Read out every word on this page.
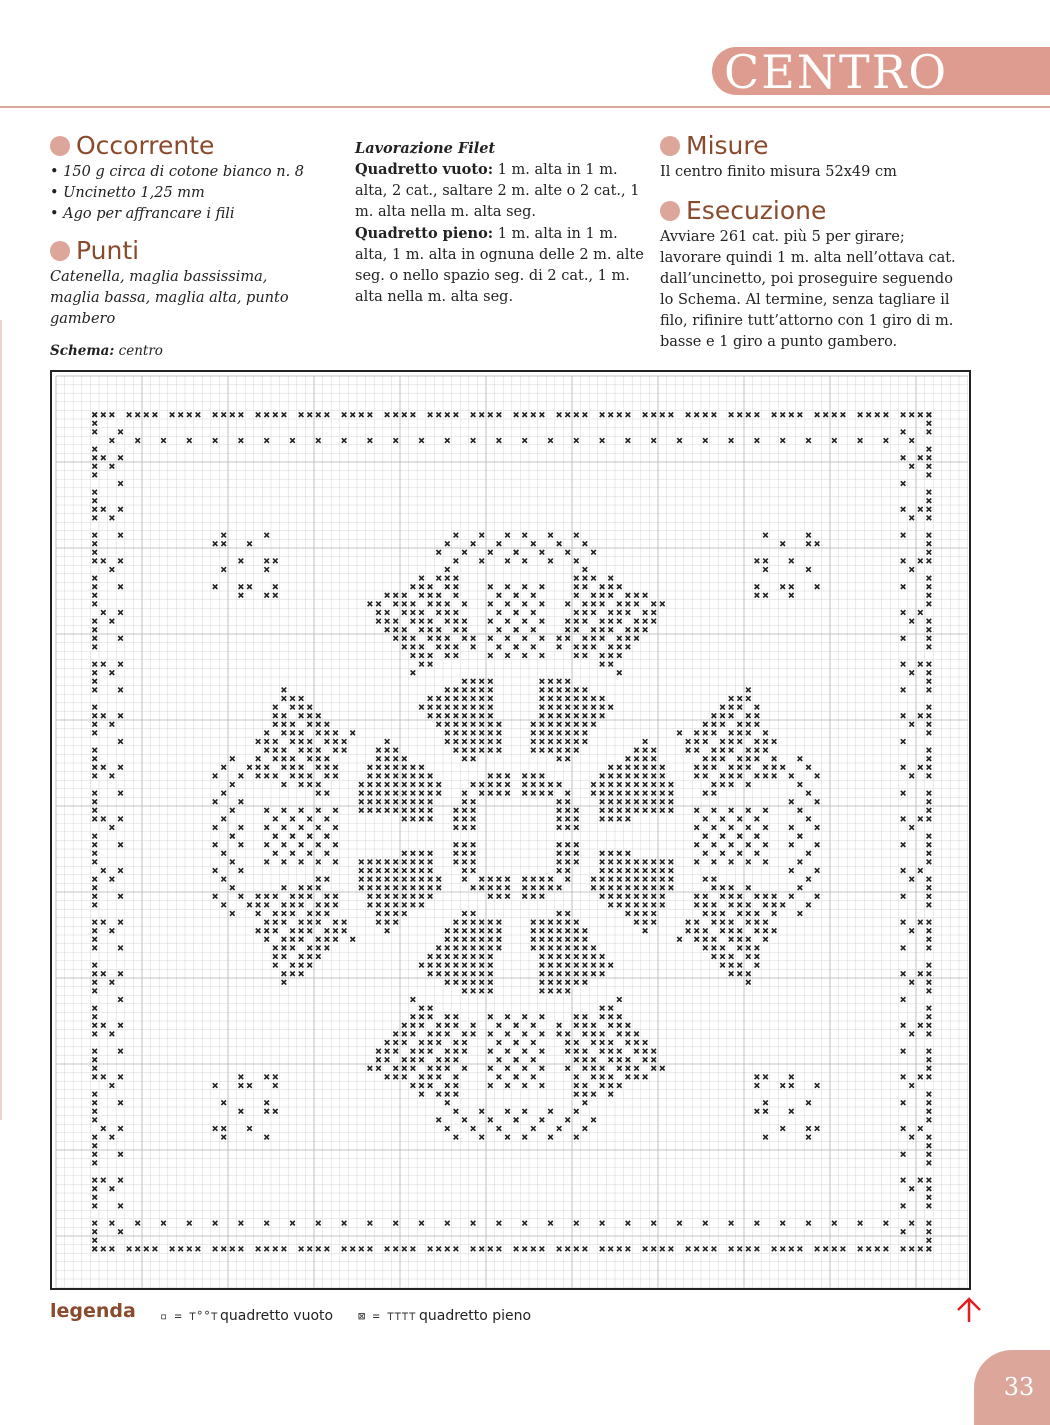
CENTRO
Occorrente
• 150 g circa di cotone bianco n. 8
• Uncinetto 1,25 mm
• Ago per affrancare i fili
Punti
Catenella, maglia bassissima,
maglia bassa, maglia alta, punto gambero
Lavorazione Filet
Quadretto vuoto: 1 m. alta in 1 m. alta, 2 cat., saltare 2 m. alte o 2 cat., 1 m. alta nella m. alta seg.
Quadretto pieno: 1 m. alta in 1 m. alta, 1 m. alta in ognuna delle 2 m. alte seg. o nello spazio seg. di 2 cat., 1 m. alta nella m. alta seg.
Misure
Il centro finito misura 52x49 cm
Esecuzione
Avviare 261 cat. più 5 per girare; lavorare quindi 1 m. alta nell’ottava cat. dall’uncinetto, poi proseguire seguendo lo Schema. Al termine, senza tagliare il filo, rifinire tutt’attorno con 1 giro di m. basse e 1 giro a punto gambero.
Schema: centro
legenda ▫ = ⊤°°⊤ quadretto vuoto ⊠ = ⊤⊤⊤⊤ quadretto pieno
33
